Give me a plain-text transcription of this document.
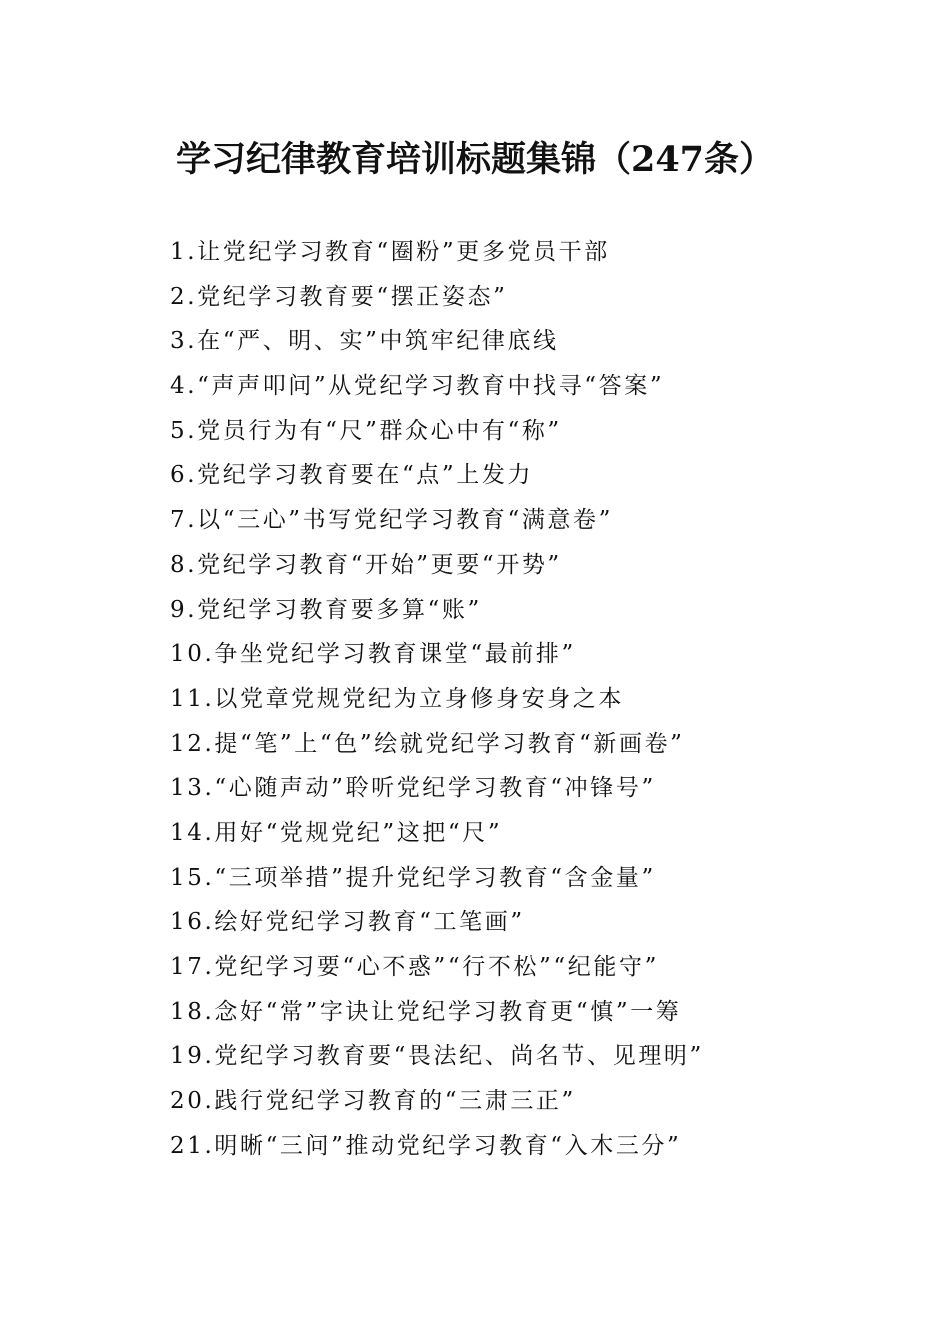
学习纪律教育培训标题集锦（247条）
1.让党纪学习教育“圈粉”更多党员干部
2.党纪学习教育要“摆正姿态”
3.在“严、明、实”中筑牢纪律底线
4.“声声叩问”从党纪学习教育中找寻“答案”
5.党员行为有“尺”群众心中有“称”
6.党纪学习教育要在“点”上发力
7.以“三心”书写党纪学习教育“满意卷”
8.党纪学习教育“开始”更要“开势”
9.党纪学习教育要多算“账”
10.争坐党纪学习教育课堂“最前排”
11.以党章党规党纪为立身修身安身之本
12.提“笔”上“色”绘就党纪学习教育“新画卷”
13.“心随声动”聆听党纪学习教育“冲锋号”
14.用好“党规党纪”这把“尺”
15.“三项举措”提升党纪学习教育“含金量”
16.绘好党纪学习教育“工笔画”
17.党纪学习要“心不惑”“行不松”“纪能守”
18.念好“常”字诀让党纪学习教育更“慎”一筹
19.党纪学习教育要“畏法纪、尚名节、见理明”
20.践行党纪学习教育的“三肃三正”
21.明晰“三问”推动党纪学习教育“入木三分”
